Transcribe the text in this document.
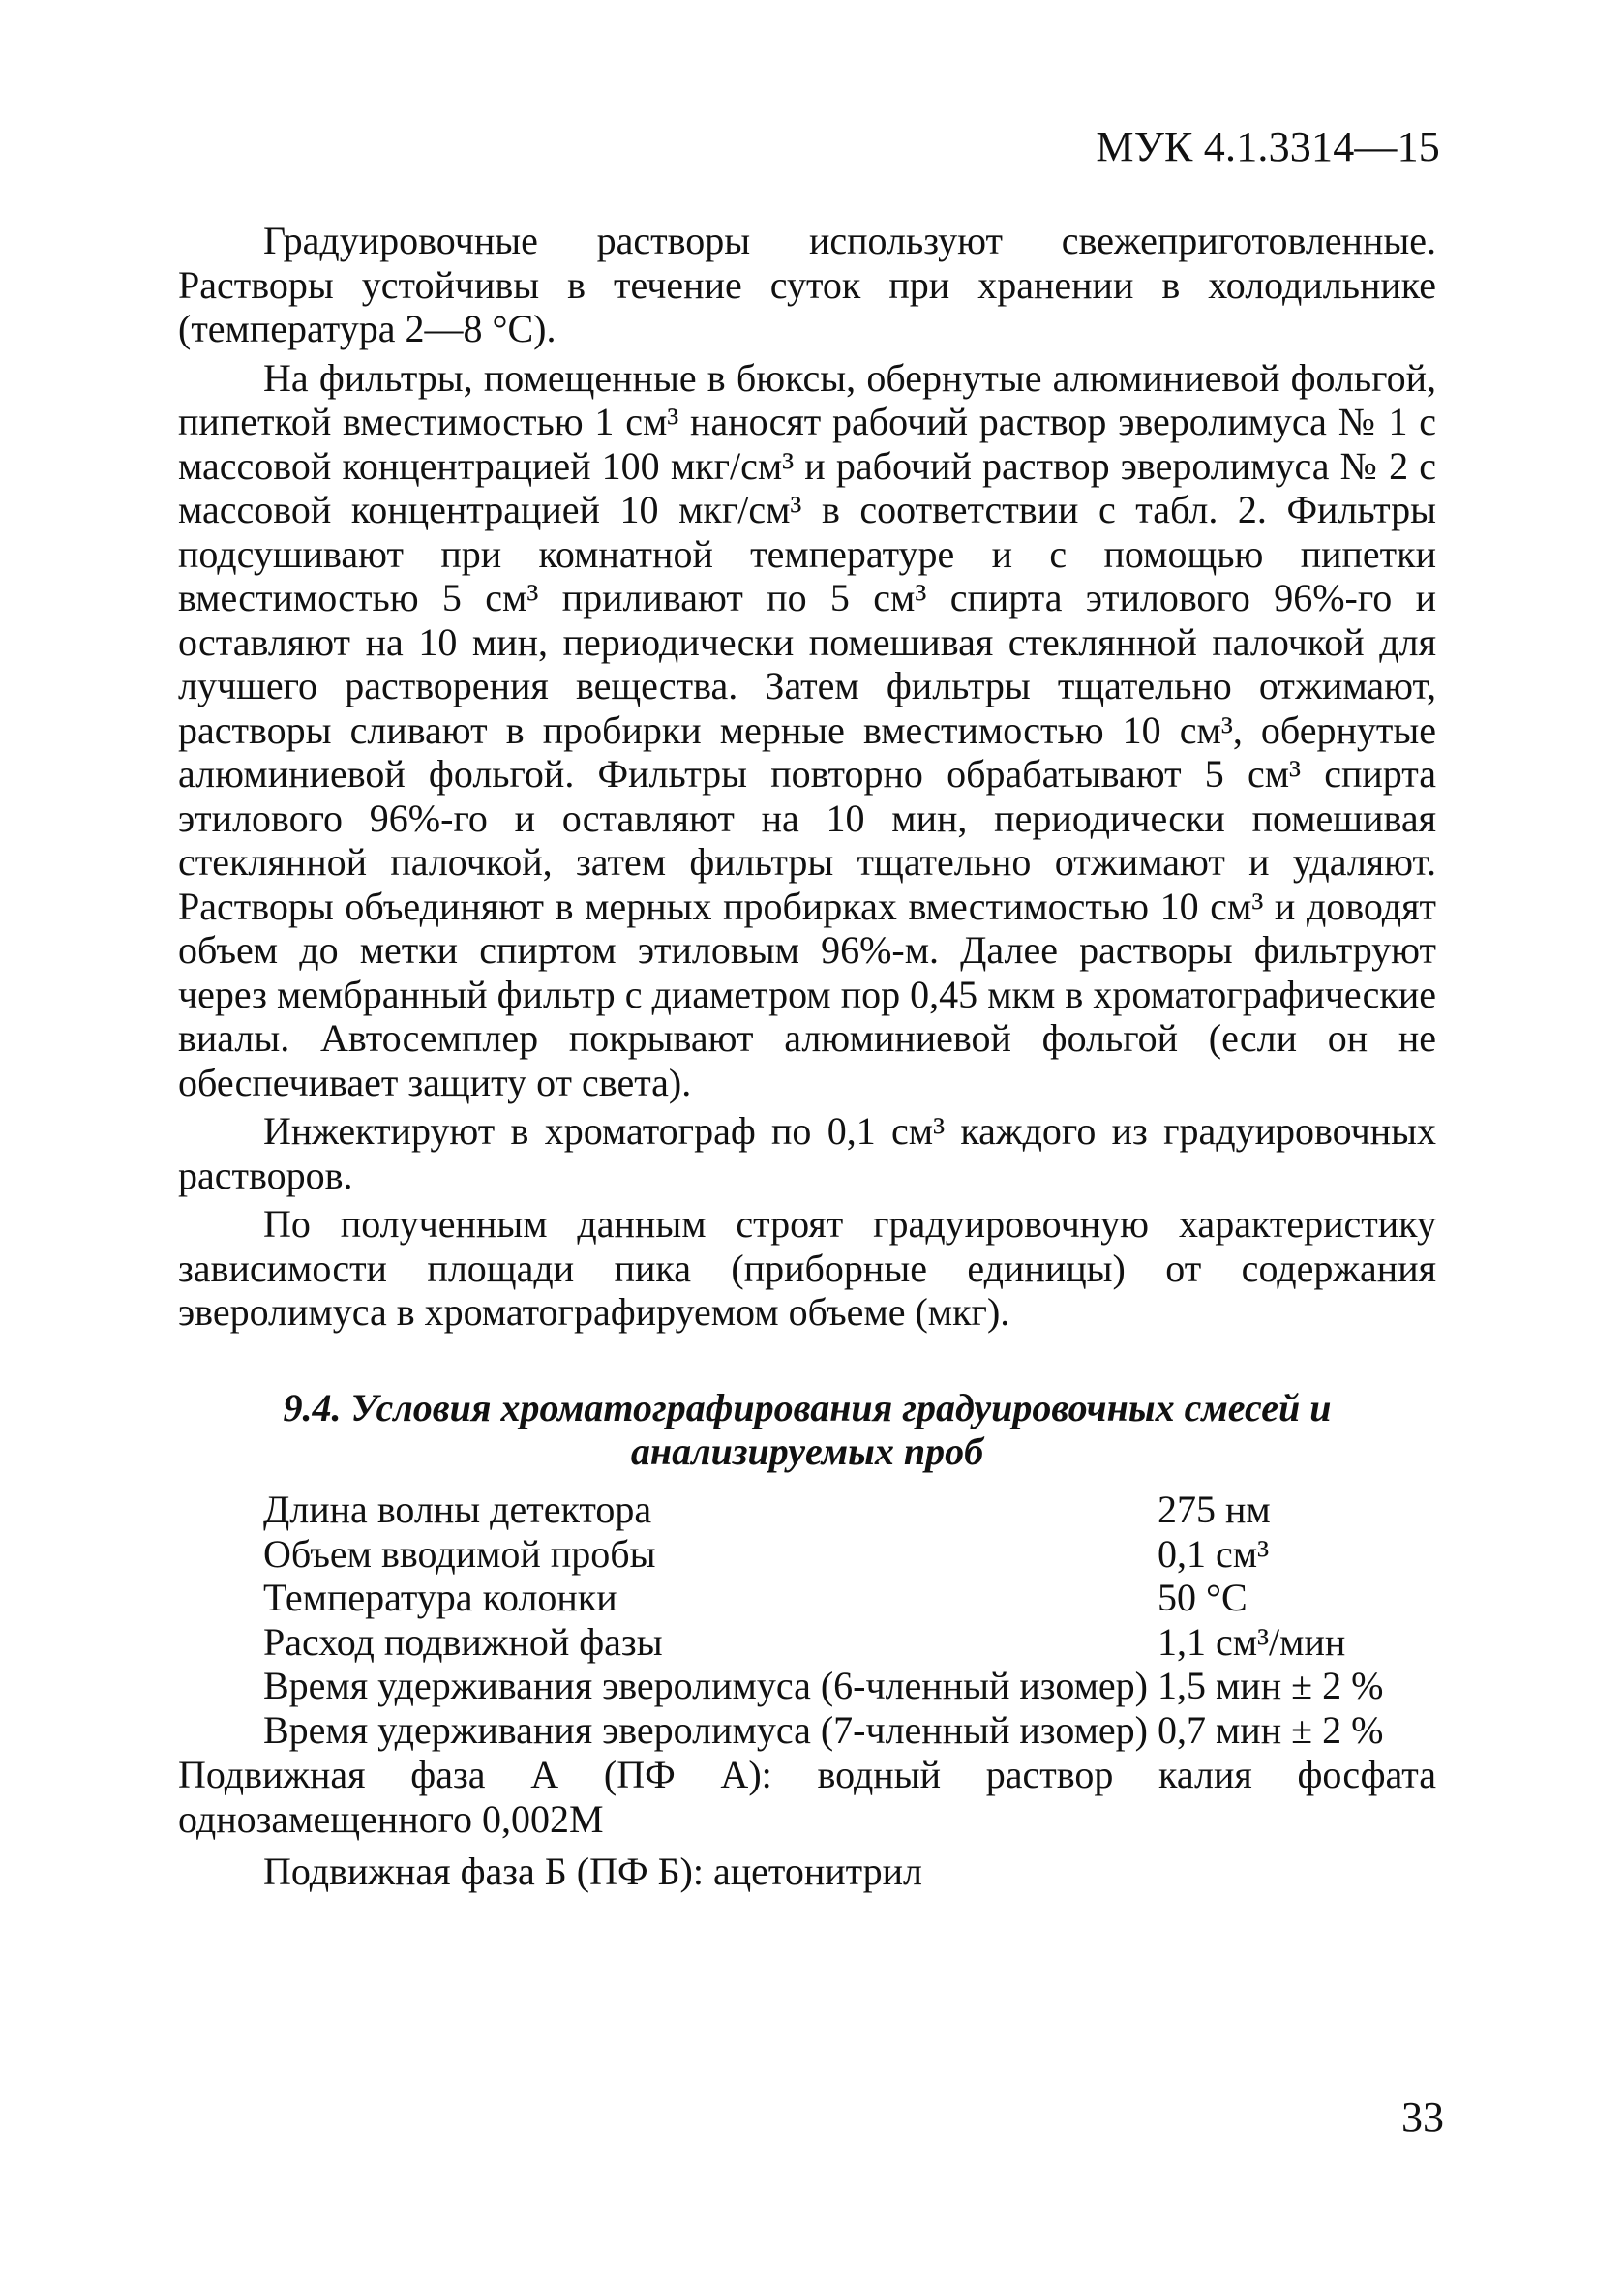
МУК 4.1.3314—15

Градуировочные растворы используют свежеприготовленные. Растворы устойчивы в течение суток при хранении в холодильнике (температура 2—8 °С).

На фильтры, помещенные в бюксы, обернутые алюминиевой фольгой, пипеткой вместимостью 1 см³ наносят рабочий раствор эверолимуса № 1 с массовой концентрацией 100 мкг/см³ и рабочий раствор эверолимуса № 2 с массовой концентрацией 10 мкг/см³ в соответствии с табл. 2. Фильтры подсушивают при комнатной температуре и с помощью пипетки вместимостью 5 см³ приливают по 5 см³ спирта этилового 96%-го и оставляют на 10 мин, периодически помешивая стеклянной палочкой для лучшего растворения вещества. Затем фильтры тщательно отжимают, растворы сливают в пробирки мерные вместимостью 10 см³, обернутые алюминиевой фольгой. Фильтры повторно обрабатывают 5 см³ спирта этилового 96%-го и оставляют на 10 мин, периодически помешивая стеклянной палочкой, затем фильтры тщательно отжимают и удаляют. Растворы объединяют в мерных пробирках вместимостью 10 см³ и доводят объем до метки спиртом этиловым 96%-м. Далее растворы фильтруют через мембранный фильтр с диаметром пор 0,45 мкм в хроматографические виалы. Автосемплер покрывают алюминиевой фольгой (если он не обеспечивает защиту от света).

Инжектируют в хроматограф по 0,1 см³ каждого из градуировочных растворов.

По полученным данным строят градуировочную характеристику зависимости площади пика (приборные единицы) от содержания эверолимуса в хроматографируемом объеме (мкг).

9.4. Условия хроматографирования градуировочных смесей и
анализируемых проб
Длина волны детектора	275 нм
Объем вводимой пробы	0,1 см³
Температура колонки	50 °С
Расход подвижной фазы	1,1 см³/мин
Время удерживания эверолимуса (6-членный изомер) 1,5 мин ± 2 %
Время удерживания эверолимуса (7-членный изомер) 0,7 мин ± 2 %
Подвижная фаза А (ПФ А): водный раствор калия фосфата однозамещенного 0,002М
Подвижная фаза Б (ПФ Б): ацетонитрил
33
